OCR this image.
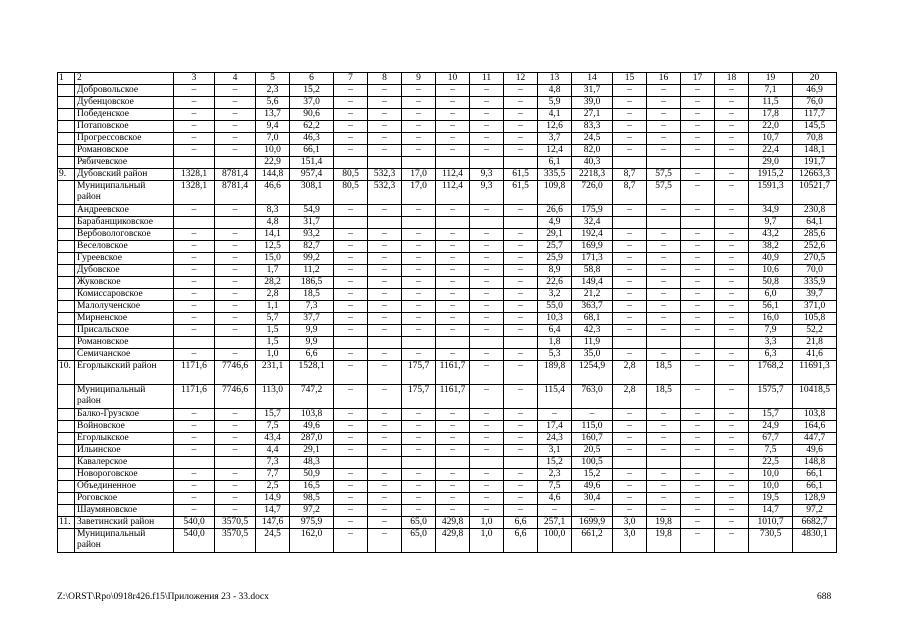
1	2	3	4	5	6	7	8	9	10	11	12	13	14	15	16	17	18	19	20
	Добровольское	–	–	2,3	15,2	–	–	–	–	–	–	4,8	31,7	–	–	–	–	7,1	46,9
	Дубенцовское	–	–	5,6	37,0	–	–	–	–	–	–	5,9	39,0	–	–	–	–	11,5	76,0
	Победенское	–	–	13,7	90,6	–	–	–	–	–	–	4,1	27,1	–	–	–	–	17,8	117,7
	Потаповское	–	–	9,4	62,2	–	–	–	–	–	–	12,6	83,3	–	–	–	–	22,0	145,5
	Прогрессовское	–	–	7,0	46,3	–	–	–	–	–	–	3,7	24,5	–	–	–	–	10,7	70,8
	Романовское	–	–	10,0	66,1	–	–	–	–	–	–	12,4	82,0	–	–	–	–	22,4	148,1
	Рябичевское			22,9	151,4							6,1	40,3					29,0	191,7
9.	Дубовский район	1328,1	8781,4	144,8	957,4	80,5	532,3	17,0	112,4	9,3	61,5	335,5	2218,3	8,7	57,5	–	–	1915,2	12663,3
	Муниципальный район	1328,1	8781,4	46,6	308,1	80,5	532,3	17,0	112,4	9,3	61,5	109,8	726,0	8,7	57,5	–	–	1591,3	10521,7
	Андреевское	–	–	8,3	54,9	–	–	–	–	–	–	26,6	175,9	–	–	–	–	34,9	230,8
	Барабанщиковское			4,8	31,7							4,9	32,4					9,7	64,1
	Вербовологовское	–	–	14,1	93,2	–	–	–	–	–	–	29,1	192,4	–	–	–	–	43,2	285,6
	Веселовское	–	–	12,5	82,7	–	–	–	–	–	–	25,7	169,9	–	–	–	–	38,2	252,6
	Гуреевское	–	–	15,0	99,2	–	–	–	–	–	–	25,9	171,3	–	–	–	–	40,9	270,5
	Дубовское	–	–	1,7	11,2	–	–	–	–	–	–	8,9	58,8	–	–	–	–	10,6	70,0
	Жуковское	–	–	28,2	186,5	–	–	–	–	–	–	22,6	149,4	–	–	–	–	50,8	335,9
	Комиссаровское	–	–	2,8	18,5	–	–	–	–	–	–	3,2	21,2	–	–	–	–	6,0	39,7
	Малолученское	–	–	1,1	7,3	–	–	–	–	–	–	55,0	363,7	–	–	–	–	56,1	371,0
	Мирненское	–	–	5,7	37,7	–	–	–	–	–	–	10,3	68,1	–	–	–	–	16,0	105,8
	Присальское	–	–	1,5	9,9	–	–	–	–	–	–	6,4	42,3	–	–	–	–	7,9	52,2
	Романовское			1,5	9,9							1,8	11,9					3,3	21,8
	Семичанское	–	–	1,0	6,6	–	–	–	–	–	–	5,3	35,0	–	–	–	–	6,3	41,6
10.	Егорлыкский район	1171,6	7746,6	231,1	1528,1	–	–	175,7	1161,7	–	–	189,8	1254,9	2,8	18,5	–	–	1768,2	11691,3
	Муниципальный район	1171,6	7746,6	113,0	747,2	–	–	175,7	1161,7	–	–	115,4	763,0	2,8	18,5	–	–	1575,7	10418,5
	Балко-Грузское	–	–	15,7	103,8	–	–	–	–	–	–	–	–	–	–	–	–	15,7	103,8
	Войновское	–	–	7,5	49,6	–	–	–	–	–	–	17,4	115,0	–	–	–	–	24,9	164,6
	Егорлыкское	–	–	43,4	287,0	–	–	–	–	–	–	24,3	160,7	–	–	–	–	67,7	447,7
	Ильинское	–	–	4,4	29,1	–	–	–	–	–	–	3,1	20,5	–	–	–	–	7,5	49,6
	Кавалерское			7,3	48,3							15,2	100,5					22,5	148,8
	Новороговское	–	–	7,7	50,9	–	–	–	–	–	–	2,3	15,2	–	–	–	–	10,0	66,1
	Объединенное	–	–	2,5	16,5	–	–	–	–	–	–	7,5	49,6	–	–	–	–	10,0	66,1
	Роговское	–	–	14,9	98,5	–	–	–	–	–	–	4,6	30,4	–	–	–	–	19,5	128,9
	Шаумяновское	–	–	14,7	97,2	–	–	–	–	–	–	–	–	–	–	–	–	14,7	97,2
11.	Заветинский район	540,0	3570,5	147,6	975,9	–	–	65,0	429,8	1,0	6,6	257,1	1699,9	3,0	19,8	–	–	1010,7	6682,7
	Муниципальный район	540,0	3570,5	24,5	162,0	–	–	65,0	429,8	1,0	6,6	100,0	661,2	3,0	19,8	–	–	730,5	4830,1
Z:\ORST\Rpo\0918r426.f15\Приложения 23 - 33.docx	688
